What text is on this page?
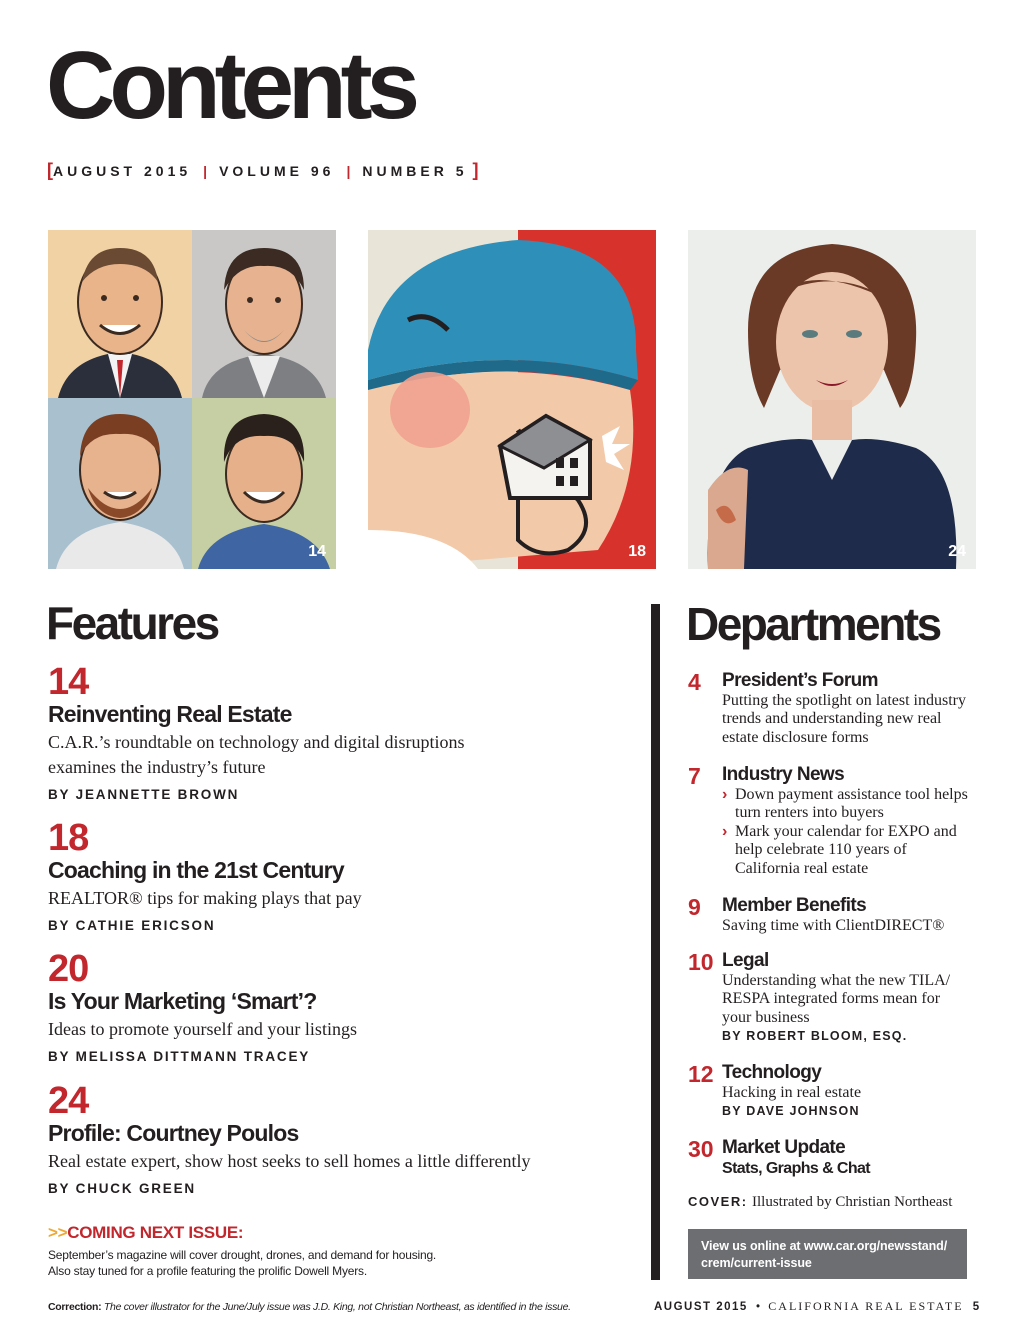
Contents
[AUGUST 2015 | VOLUME 96 | NUMBER 5 ]
14	18	24
Features
14
Reinventing Real Estate
C.A.R.’s roundtable on technology and digital disruptions examines the industry’s future
BY JEANNETTE BROWN
18
Coaching in the 21st Century
REALTOR® tips for making plays that pay
BY CATHIE ERICSON
20
Is Your Marketing ‘Smart’?
Ideas to promote yourself and your listings
BY MELISSA DITTMANN TRACEY
24
Profile: Courtney Poulos
Real estate expert, show host seeks to sell homes a little differently
BY CHUCK GREEN
>>COMING NEXT ISSUE:
September’s magazine will cover drought, drones, and demand for housing.
Also stay tuned for a profile featuring the prolific Dowell Myers.
Correction: The cover illustrator for the June/July issue was J.D. King, not Christian Northeast, as identified in the issue.
Departments
4 President’s Forum
Putting the spotlight on latest industry trends and understanding new real estate disclosure forms
7 Industry News
› Down payment assistance tool helps turn renters into buyers
› Mark your calendar for EXPO and help celebrate 110 years of California real estate
9 Member Benefits
Saving time with ClientDIRECT®
10 Legal
Understanding what the new TILA/ RESPA integrated forms mean for your business
BY ROBERT BLOOM, ESQ.
12 Technology
Hacking in real estate
BY DAVE JOHNSON
30 Market Update
Stats, Graphs & Chat
COVER: Illustrated by Christian Northeast
View us online at www.car.org/newsstand/
crem/current-issue
AUGUST 2015 • CALIFORNIA REAL ESTATE 5
